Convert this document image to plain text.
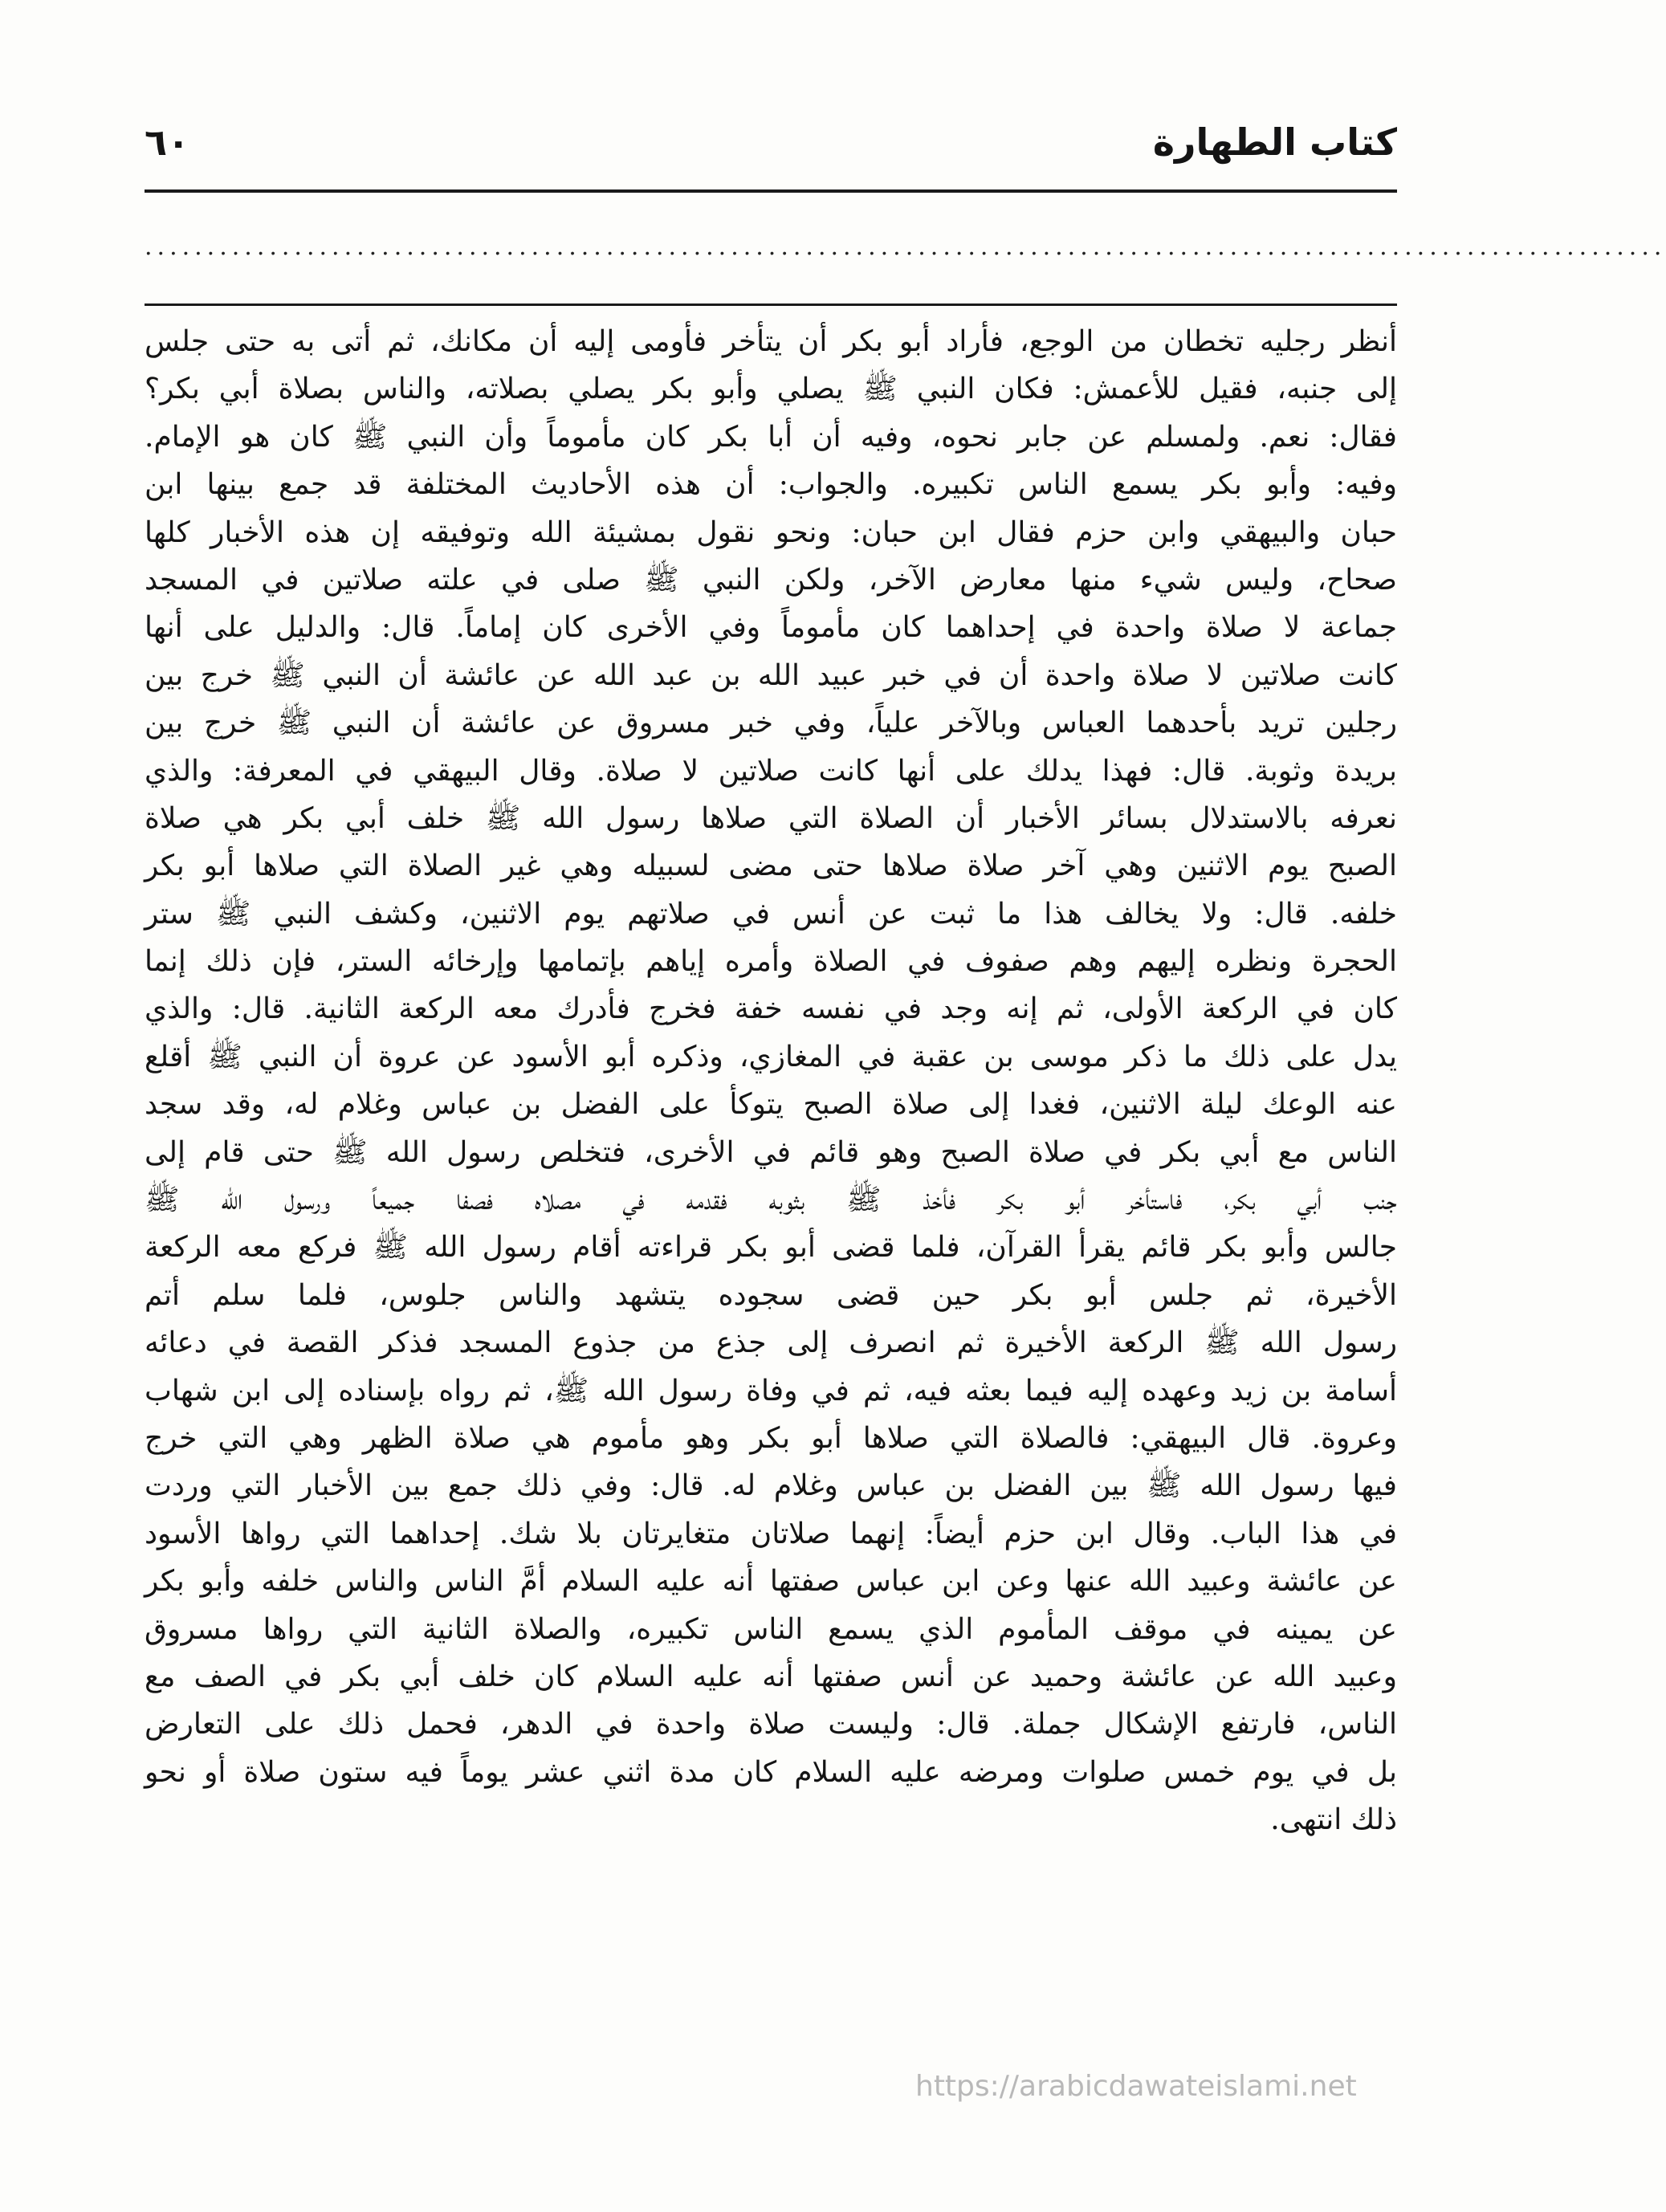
كتاب الطهارة
٦٠
..........................................................................................................................
أنظر رجليه تخطان من الوجع، فأراد أبو بكر أن يتأخر فأومى إليه أن مكانك، ثم أتى به حتى جلس
إلى جنبه، فقيل للأعمش: فكان النبي ﷺ يصلي وأبو بكر يصلي بصلاته، والناس بصلاة أبي بكر؟
فقال: نعم. ولمسلم عن جابر نحوه، وفيه أن أبا بكر كان مأموماً وأن النبي ﷺ كان هو الإمام.
وفيه: وأبو بكر يسمع الناس تكبيره. والجواب: أن هذه الأحاديث المختلفة قد جمع بينها ابن
حبان والبيهقي وابن حزم فقال ابن حبان: ونحو نقول بمشيئة الله وتوفيقه إن هذه الأخبار كلها
صحاح، وليس شيء منها معارض الآخر، ولكن النبي ﷺ صلى في علته صلاتين في المسجد
جماعة لا صلاة واحدة في إحداهما كان مأموماً وفي الأخرى كان إماماً. قال: والدليل على أنها
كانت صلاتين لا صلاة واحدة أن في خبر عبيد الله بن عبد الله عن عائشة أن النبي ﷺ خرج بين
رجلين تريد بأحدهما العباس وبالآخر علياً، وفي خبر مسروق عن عائشة أن النبي ﷺ خرج بين
بريدة وثوبة. قال: فهذا يدلك على أنها كانت صلاتين لا صلاة. وقال البيهقي في المعرفة: والذي
نعرفه بالاستدلال بسائر الأخبار أن الصلاة التي صلاها رسول الله ﷺ خلف أبي بكر هي صلاة
الصبح يوم الاثنين وهي آخر صلاة صلاها حتى مضى لسبيله وهي غير الصلاة التي صلاها أبو بكر
خلفه. قال: ولا يخالف هذا ما ثبت عن أنس في صلاتهم يوم الاثنين، وكشف النبي ﷺ ستر
الحجرة ونظره إليهم وهم صفوف في الصلاة وأمره إياهم بإتمامها وإرخائه الستر، فإن ذلك إنما
كان في الركعة الأولى، ثم إنه وجد في نفسه خفة فخرج فأدرك معه الركعة الثانية. قال: والذي
يدل على ذلك ما ذكر موسى بن عقبة في المغازي، وذكره أبو الأسود عن عروة أن النبي ﷺ أقلع
عنه الوعك ليلة الاثنين، فغدا إلى صلاة الصبح يتوكأ على الفضل بن عباس وغلام له، وقد سجد
الناس مع أبي بكر في صلاة الصبح وهو قائم في الأخرى، فتخلص رسول الله ﷺ حتى قام إلى
جنب أبي بكر، فاستأخر أبو بكر فأخذ ﷺ بثوبه فقدمه في مصلاه فصفا جميعاً ورسول الله ﷺ
جالس وأبو بكر قائم يقرأ القرآن، فلما قضى أبو بكر قراءته أقام رسول الله ﷺ فركع معه الركعة
الأخيرة، ثم جلس أبو بكر حين قضى سجوده يتشهد والناس جلوس، فلما سلم أتم
رسول الله ﷺ الركعة الأخيرة ثم انصرف إلى جذع من جذوع المسجد فذكر القصة في دعائه
أسامة بن زيد وعهده إليه فيما بعثه فيه، ثم في وفاة رسول الله ﷺ، ثم رواه بإسناده إلى ابن شهاب
وعروة. قال البيهقي: فالصلاة التي صلاها أبو بكر وهو مأموم هي صلاة الظهر وهي التي خرج
فيها رسول الله ﷺ بين الفضل بن عباس وغلام له. قال: وفي ذلك جمع بين الأخبار التي وردت
في هذا الباب. وقال ابن حزم أيضاً: إنهما صلاتان متغايرتان بلا شك. إحداهما التي رواها الأسود
عن عائشة وعبيد الله عنها وعن ابن عباس صفتها أنه عليه السلام أمَّ الناس والناس خلفه وأبو بكر
عن يمينه في موقف المأموم الذي يسمع الناس تكبيره، والصلاة الثانية التي رواها مسروق
وعبيد الله عن عائشة وحميد عن أنس صفتها أنه عليه السلام كان خلف أبي بكر في الصف مع
الناس، فارتفع الإشكال جملة. قال: وليست صلاة واحدة في الدهر، فحمل ذلك على التعارض
بل في يوم خمس صلوات ومرضه عليه السلام كان مدة اثني عشر يوماً فيه ستون صلاة أو نحو
ذلك انتهى.
https://arabicdawateislami.net
